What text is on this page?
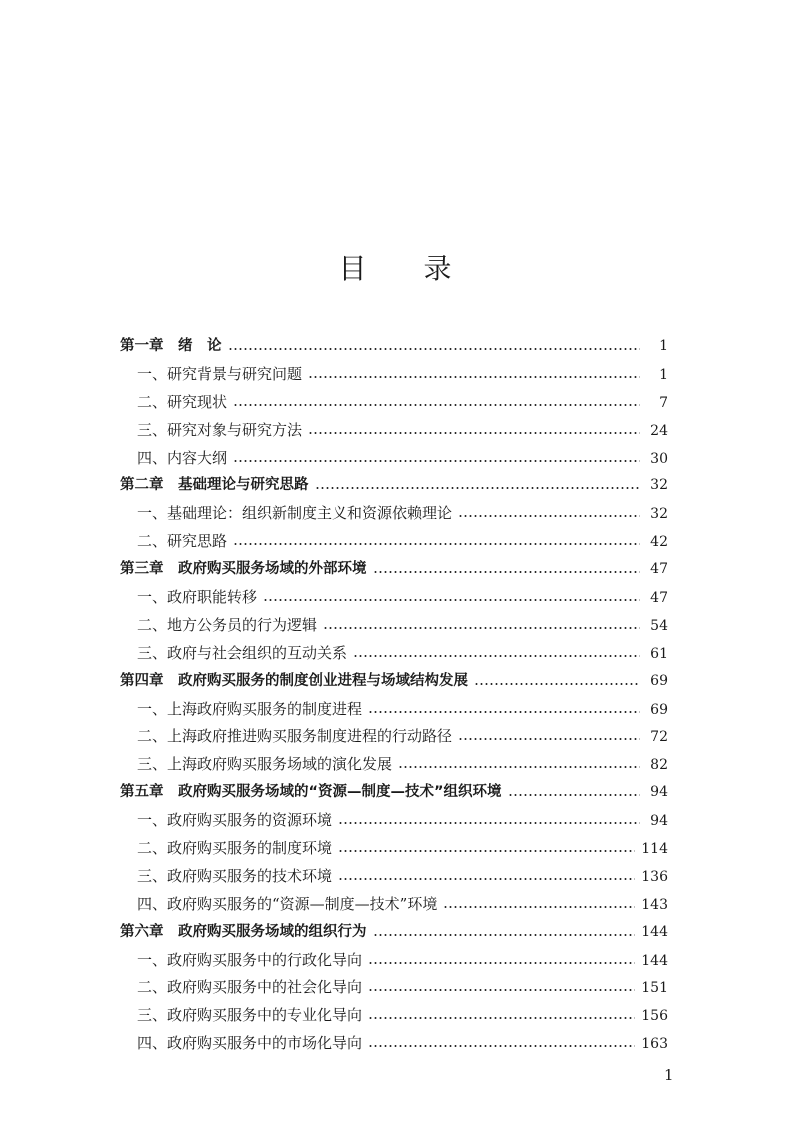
目 录
第一章　绪　论	1
一、研究背景与研究问题	1
二、研究现状	7
三、研究对象与研究方法	24
四、内容大纲	30
第二章　基础理论与研究思路	32
一、基础理论：组织新制度主义和资源依赖理论	32
二、研究思路	42
第三章　政府购买服务场域的外部环境	47
一、政府职能转移	47
二、地方公务员的行为逻辑	54
三、政府与社会组织的互动关系	61
第四章　政府购买服务的制度创业进程与场域结构发展	69
一、上海政府购买服务的制度进程	69
二、上海政府推进购买服务制度进程的行动路径	72
三、上海政府购买服务场域的演化发展	82
第五章　政府购买服务场域的“资源—制度—技术”组织环境	94
一、政府购买服务的资源环境	94
二、政府购买服务的制度环境	114
三、政府购买服务的技术环境	136
四、政府购买服务的“资源—制度—技术”环境	143
第六章　政府购买服务场域的组织行为	144
一、政府购买服务中的行政化导向	144
二、政府购买服务中的社会化导向	151
三、政府购买服务中的专业化导向	156
四、政府购买服务中的市场化导向	163
1
